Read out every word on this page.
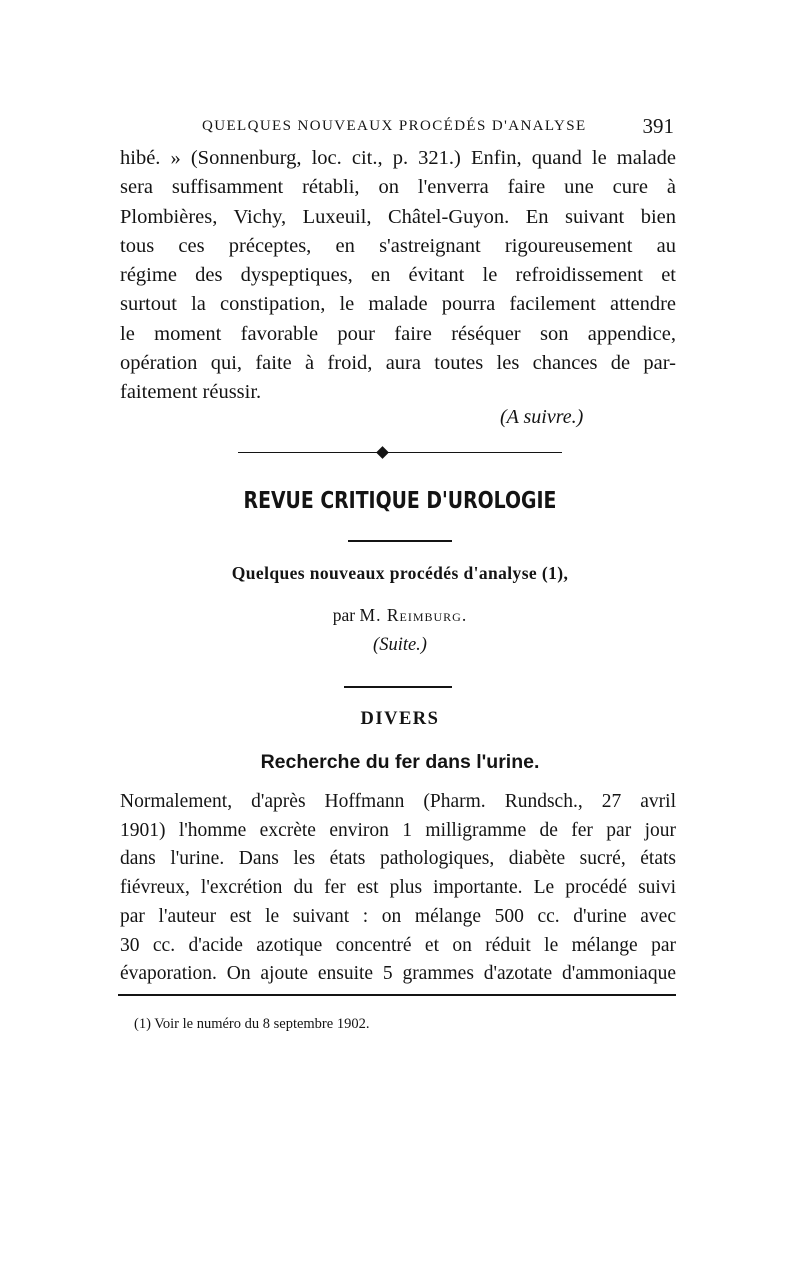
QUELQUES NOUVEAUX PROCÉDÉS D'ANALYSE	391

hibé. » (Sonnenburg, loc. cit., p. 321.) Enfin, quand le malade
sera suffisamment rétabli, on l'enverra faire une cure à
Plombières, Vichy, Luxeuil, Châtel-Guyon. En suivant bien
tous ces préceptes, en s'astreignant rigoureusement au
régime des dyspeptiques, en évitant le refroidissement et
surtout la constipation, le malade pourra facilement attendre
le moment favorable pour faire réséquer son appendice,
opération qui, faite à froid, aura toutes les chances de par-
faitement réussir.

(A suivre.)
REVUE CRITIQUE D'UROLOGIE
Quelques nouveaux procédés d'analyse (1),
par M. Reimburg.
(Suite.)
DIVERS
Recherche du fer dans l'urine.

Normalement, d'après Hoffmann (Pharm. Rundsch., 27 avril
1901) l'homme excrète environ 1 milligramme de fer par jour
dans l'urine. Dans les états pathologiques, diabète sucré, états
fiévreux, l'excrétion du fer est plus importante. Le procédé suivi
par l'auteur est le suivant : on mélange 500 cc. d'urine avec
30 cc. d'acide azotique concentré et on réduit le mélange par
évaporation. On ajoute ensuite 5 grammes d'azotate d'ammoniaque

(1) Voir le numéro du 8 septembre 1902.
